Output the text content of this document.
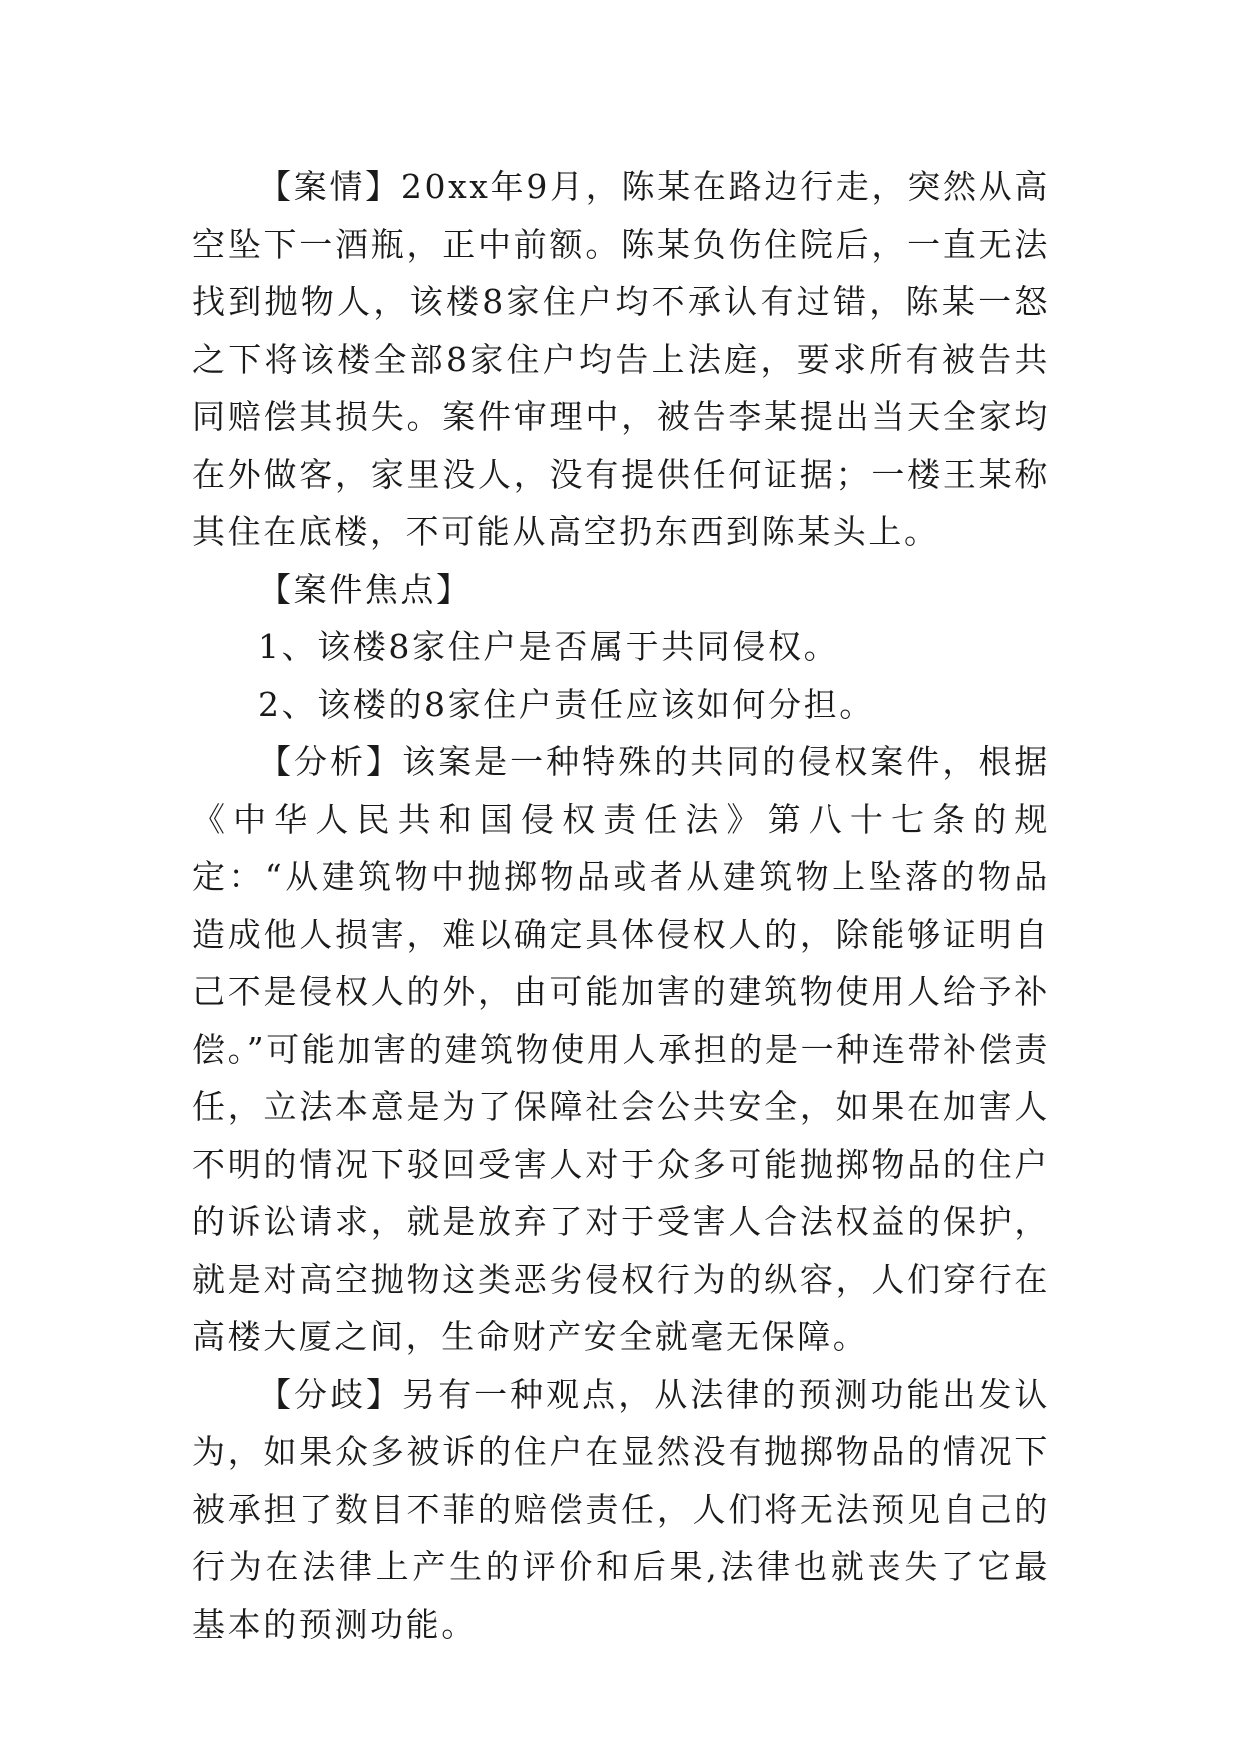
【案情】20xx年9月，陈某在路边行走，突然从高空坠下一酒瓶，正中前额。陈某负伤住院后，一直无法找到抛物人，该楼8家住户均不承认有过错，陈某一怒之下将该楼全部8家住户均告上法庭，要求所有被告共同赔偿其损失。案件审理中，被告李某提出当天全家均在外做客，家里没人，没有提供任何证据；一楼王某称其住在底楼，不可能从高空扔东西到陈某头上。

【案件焦点】

1、该楼8家住户是否属于共同侵权。

2、该楼的8家住户责任应该如何分担。

【分析】该案是一种特殊的共同的侵权案件，根据《中华人民共和国侵权责任法》第八十七条的规定：“从建筑物中抛掷物品或者从建筑物上坠落的物品造成他人损害，难以确定具体侵权人的，除能够证明自己不是侵权人的外，由可能加害的建筑物使用人给予补偿。”可能加害的建筑物使用人承担的是一种连带补偿责任，立法本意是为了保障社会公共安全，如果在加害人不明的情况下驳回受害人对于众多可能抛掷物品的住户的诉讼请求，就是放弃了对于受害人合法权益的保护，就是对高空抛物这类恶劣侵权行为的纵容，人们穿行在高楼大厦之间，生命财产安全就毫无保障。

【分歧】另有一种观点，从法律的预测功能出发认为，如果众多被诉的住户在显然没有抛掷物品的情况下被承担了数目不菲的赔偿责任，人们将无法预见自己的行为在法律上产生的评价和后果,法律也就丧失了它最基本的预测功能。
